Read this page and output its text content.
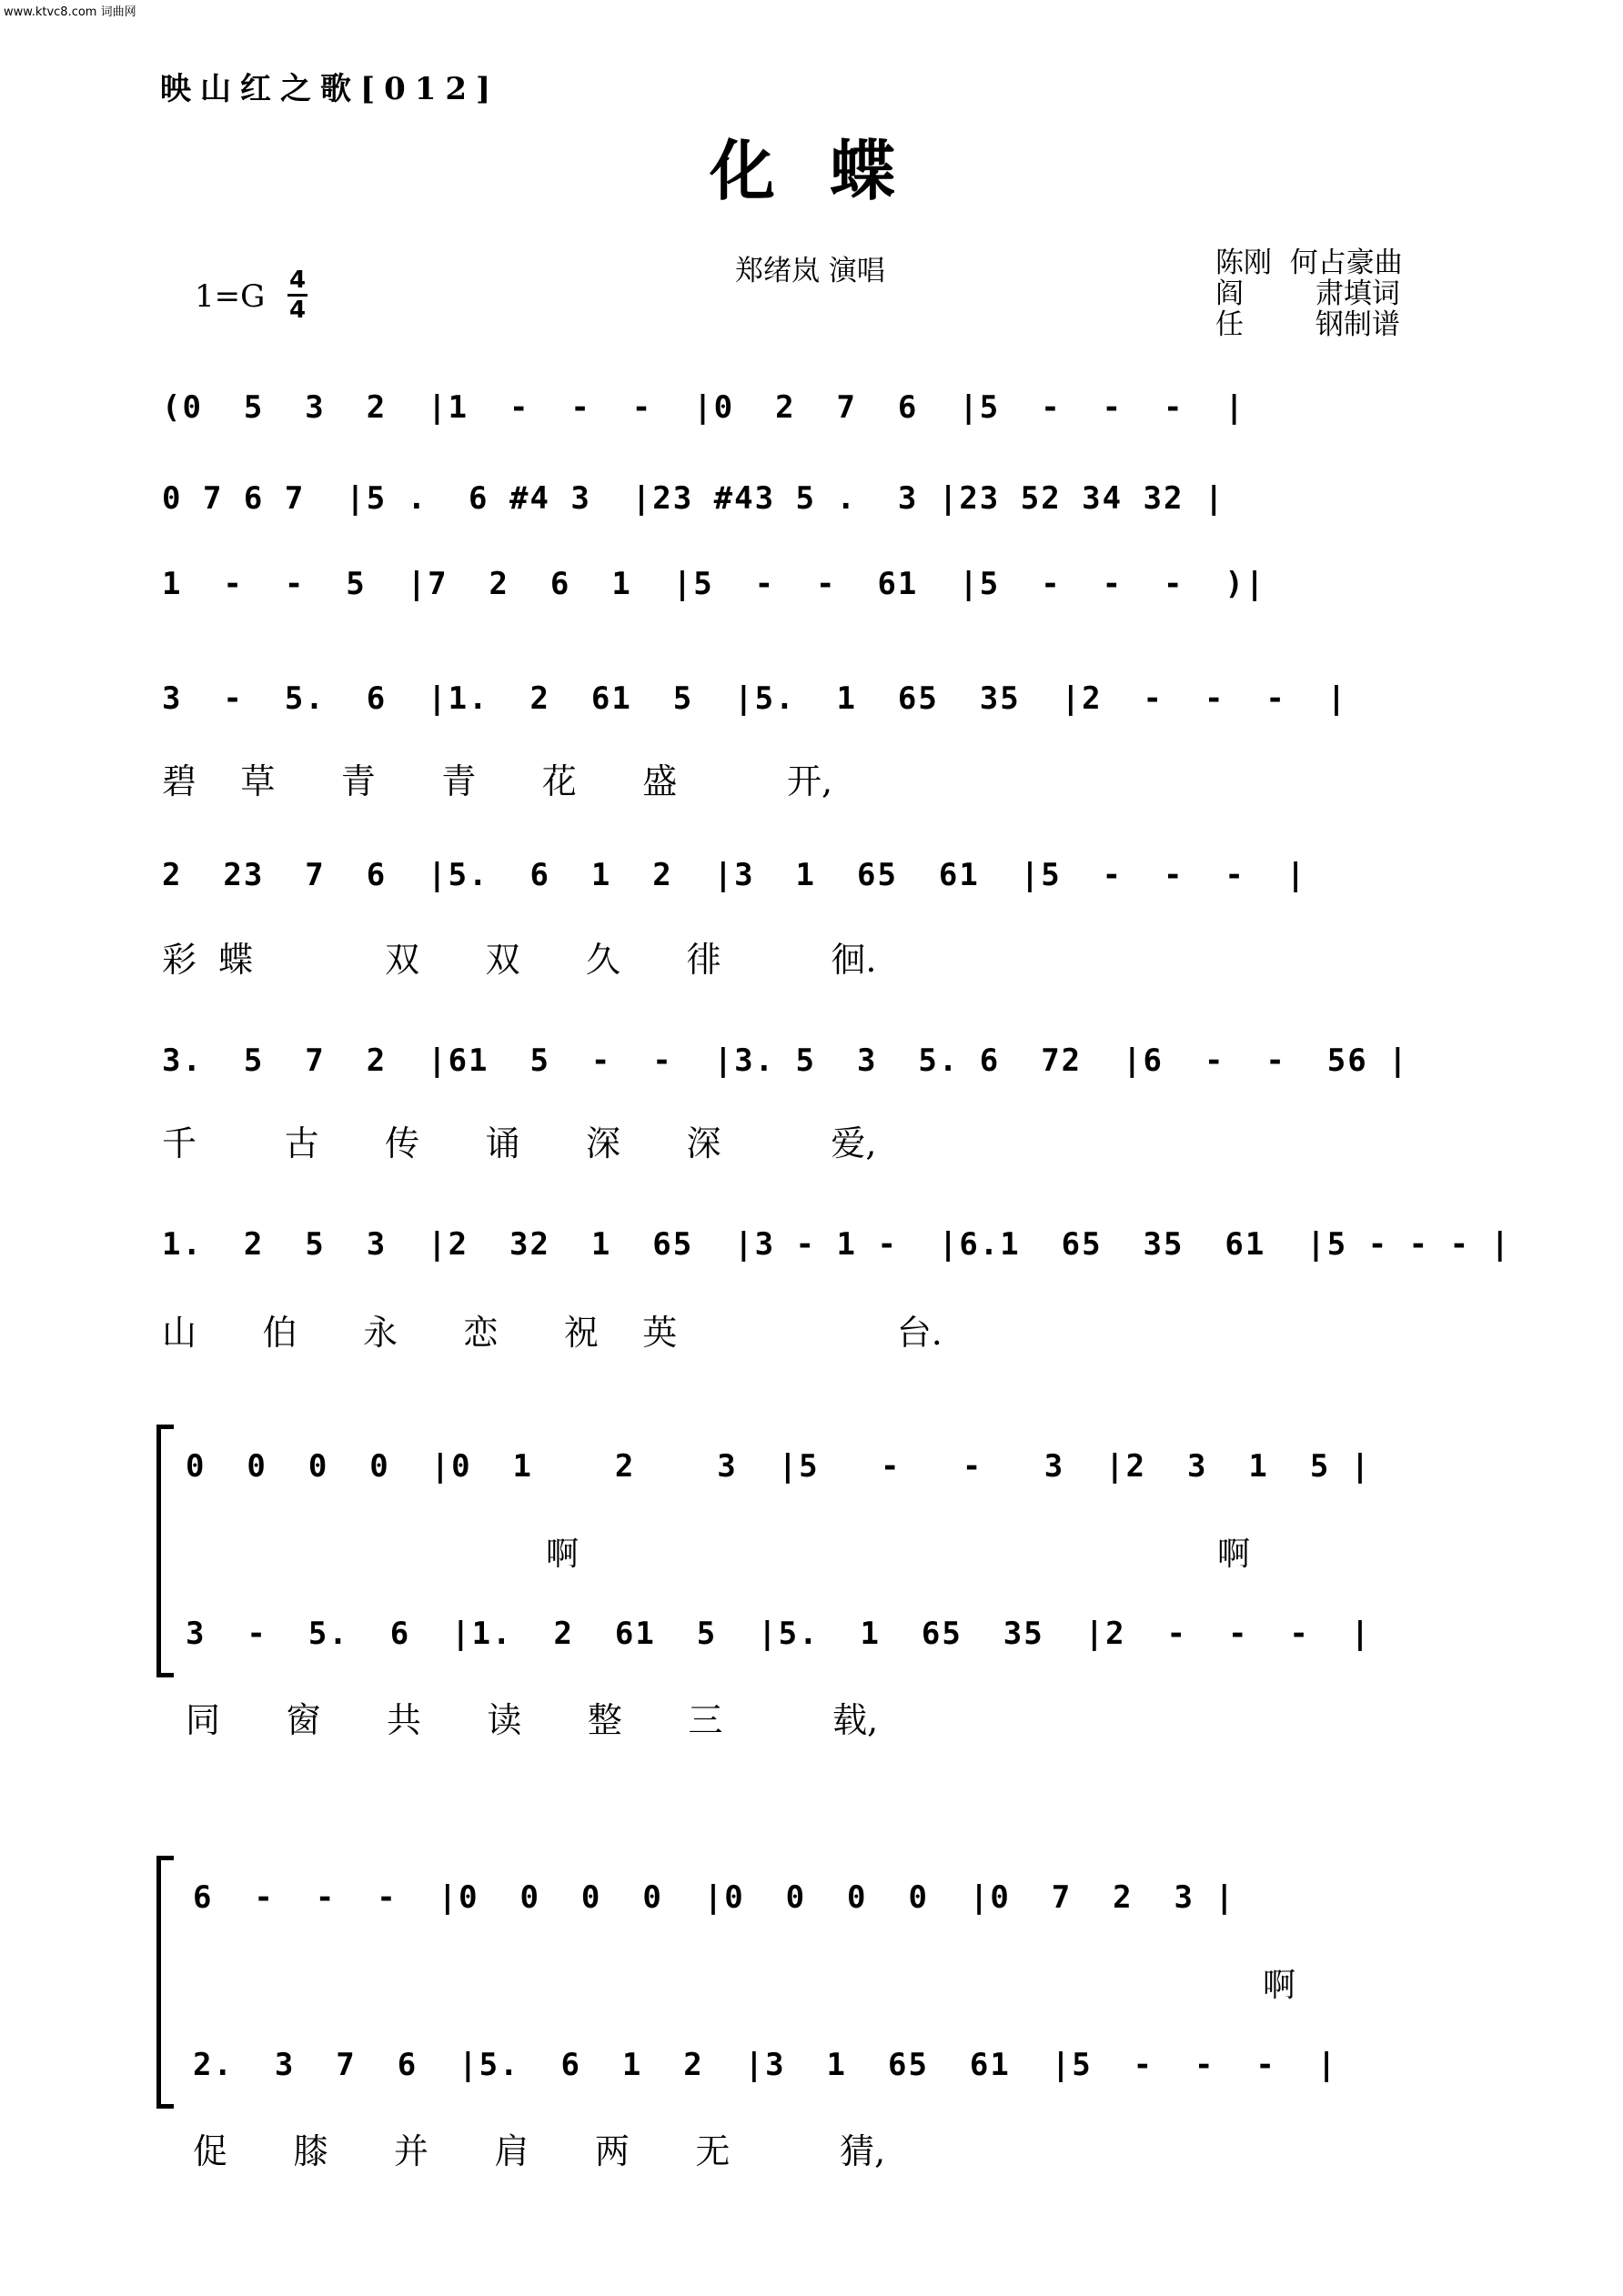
www.ktvc8.com 词曲网
映山红之歌[012]
化蝶
1=G 4
4
郑绪岚 演唱	陈刚  何占豪曲
阎        肃填词
任        钢制谱
(0  5  3  2  |1  -  -  -  |0  2  7  6  |5  -  -  -  |
0 7 6 7  |5 .  6 #4 3  |23 #43 5 .  3 |23 52 34 32 |
1  -  -  5  |7  2  6  1  |5  -  -  61  |5  -  -  -  )|
3  -  5.  6  |1.  2  61  5  |5.  1  65  35  |2  -  -  -  |
碧    草      青      青      花      盛          开,
2  23  7  6  |5.  6  1  2  |3  1  65  61  |5  -  -  -  |
彩  蝶            双      双      久      徘          徊.
3.  5  7  2  |61  5  -  -  |3. 5  3  5. 6  72  |6  -  -  56 |
千        古      传      诵      深      深          爱,
1.  2  5  3  |2  32  1  65  |3 - 1 -  |6.1  65  35  61  |5 - - - |
山      伯      永      恋      祝    英                    台.
0  0  0  0  |0  1    2    3  |5   -   -   3  |2  3  1  5 |
啊	啊
3  -  5.  6  |1.  2  61  5  |5.  1  65  35  |2  -  -  -  |
同      窗      共      读      整      三          载,
6  -  -  -  |0  0  0  0  |0  0  0  0  |0  7  2  3 |
啊
2.  3  7  6  |5.  6  1  2  |3  1  65  61  |5  -  -  -  |
促      膝      并      肩      两      无          猜,
